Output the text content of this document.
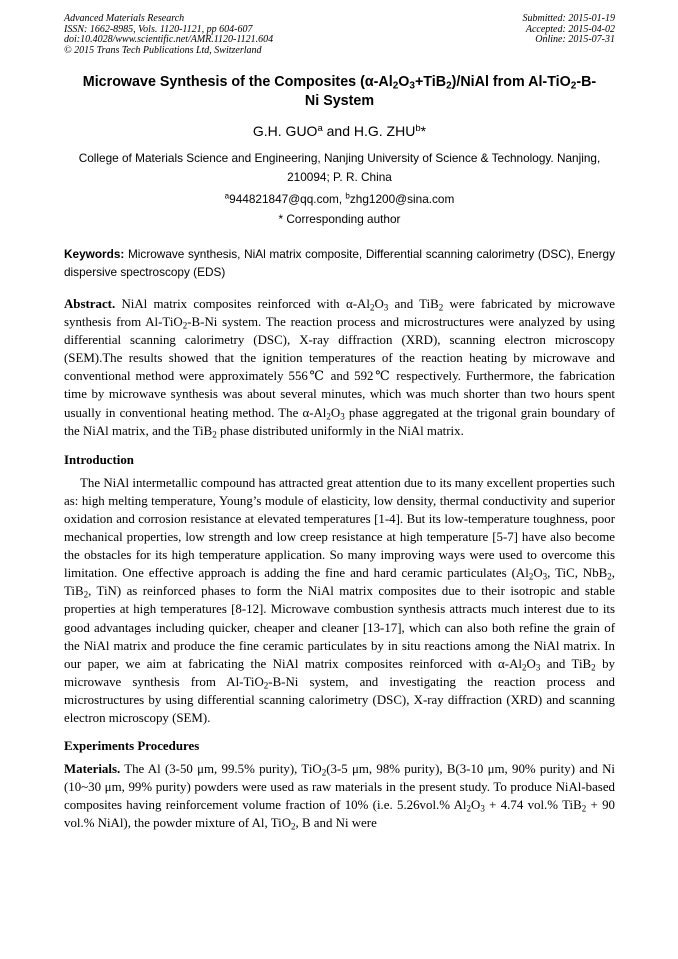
Advanced Materials Research
ISSN: 1662-8985, Vols. 1120-1121, pp 604-607
doi:10.4028/www.scientific.net/AMR.1120-1121.604
© 2015 Trans Tech Publications Ltd, Switzerland
Submitted: 2015-01-19
Accepted: 2015-04-02
Online: 2015-07-31
Microwave Synthesis of the Composites $(\alpha-Al_2O_3+TiB_2)$/NiAl from Al-TiO$_2$-B-Ni System
G.H. GUO$^a$ and H.G. ZHU$^b$*
College of Materials Science and Engineering, Nanjing University of Science & Technology. Nanjing, 210094; P. R. China
$^a$944821847@qq.com, $^b$zhg1200@sina.com
* Corresponding author
Keywords: Microwave synthesis, NiAl matrix composite, Differential scanning calorimetry (DSC), Energy dispersive spectroscopy (EDS)
Abstract. NiAl matrix composites reinforced with $\alpha-Al_2O_3$ and TiB$_2$ were fabricated by microwave synthesis from Al-TiO$_2$-B-Ni system. The reaction process and microstructures were analyzed by using differential scanning calorimetry (DSC), X-ray diffraction (XRD), scanning electron microscopy (SEM).The results showed that the ignition temperatures of the reaction heating by microwave and conventional method were approximately 556℃ and 592℃ respectively. Furthermore, the fabrication time by microwave synthesis was about several minutes, which was much shorter than two hours spent usually in conventional heating method. The $\alpha-Al_2O_3$ phase aggregated at the trigonal grain boundary of the NiAl matrix, and the TiB$_2$ phase distributed uniformly in the NiAl matrix.
Introduction
The NiAl intermetallic compound has attracted great attention due to its many excellent properties such as: high melting temperature, Young’s module of elasticity, low density, thermal conductivity and superior oxidation and corrosion resistance at elevated temperatures [1-4]. But its low-temperature toughness, poor mechanical properties, low strength and low creep resistance at high temperature [5-7] have also become the obstacles for its high temperature application. So many improving ways were used to overcome this limitation. One effective approach is adding the fine and hard ceramic particulates ($Al_2O_3$, TiC, NbB$_2$, TiB$_2$, TiN) as reinforced phases to form the NiAl matrix composites due to their isotropic and stable properties at high temperatures [8-12]. Microwave combustion synthesis attracts much interest due to its good advantages including quicker, cheaper and cleaner [13-17], which can also both refine the grain of the NiAl matrix and produce the fine ceramic particulates by in situ reactions among the NiAl matrix. In our paper, we aim at fabricating the NiAl matrix composites reinforced with $\alpha-Al_2O_3$ and TiB$_2$ by microwave synthesis from Al-TiO$_2$-B-Ni system, and investigating the reaction process and microstructures by using differential scanning calorimetry (DSC), X-ray diffraction (XRD) and scanning electron microscopy (SEM).
Experiments Procedures
Materials. The Al (3-50 μm, 99.5% purity), TiO$_2$(3-5 μm, 98% purity), B(3-10 μm, 90% purity) and Ni (10~30 μm, 99% purity) powders were used as raw materials in the present study. To produce NiAl-based composites having reinforcement volume fraction of 10% (i.e. 5.26vol.% $Al_2O_3 + 4.74$ vol.% TiB$_2$ + 90 vol.% NiAl), the powder mixture of Al, TiO$_2$, B and Ni were
